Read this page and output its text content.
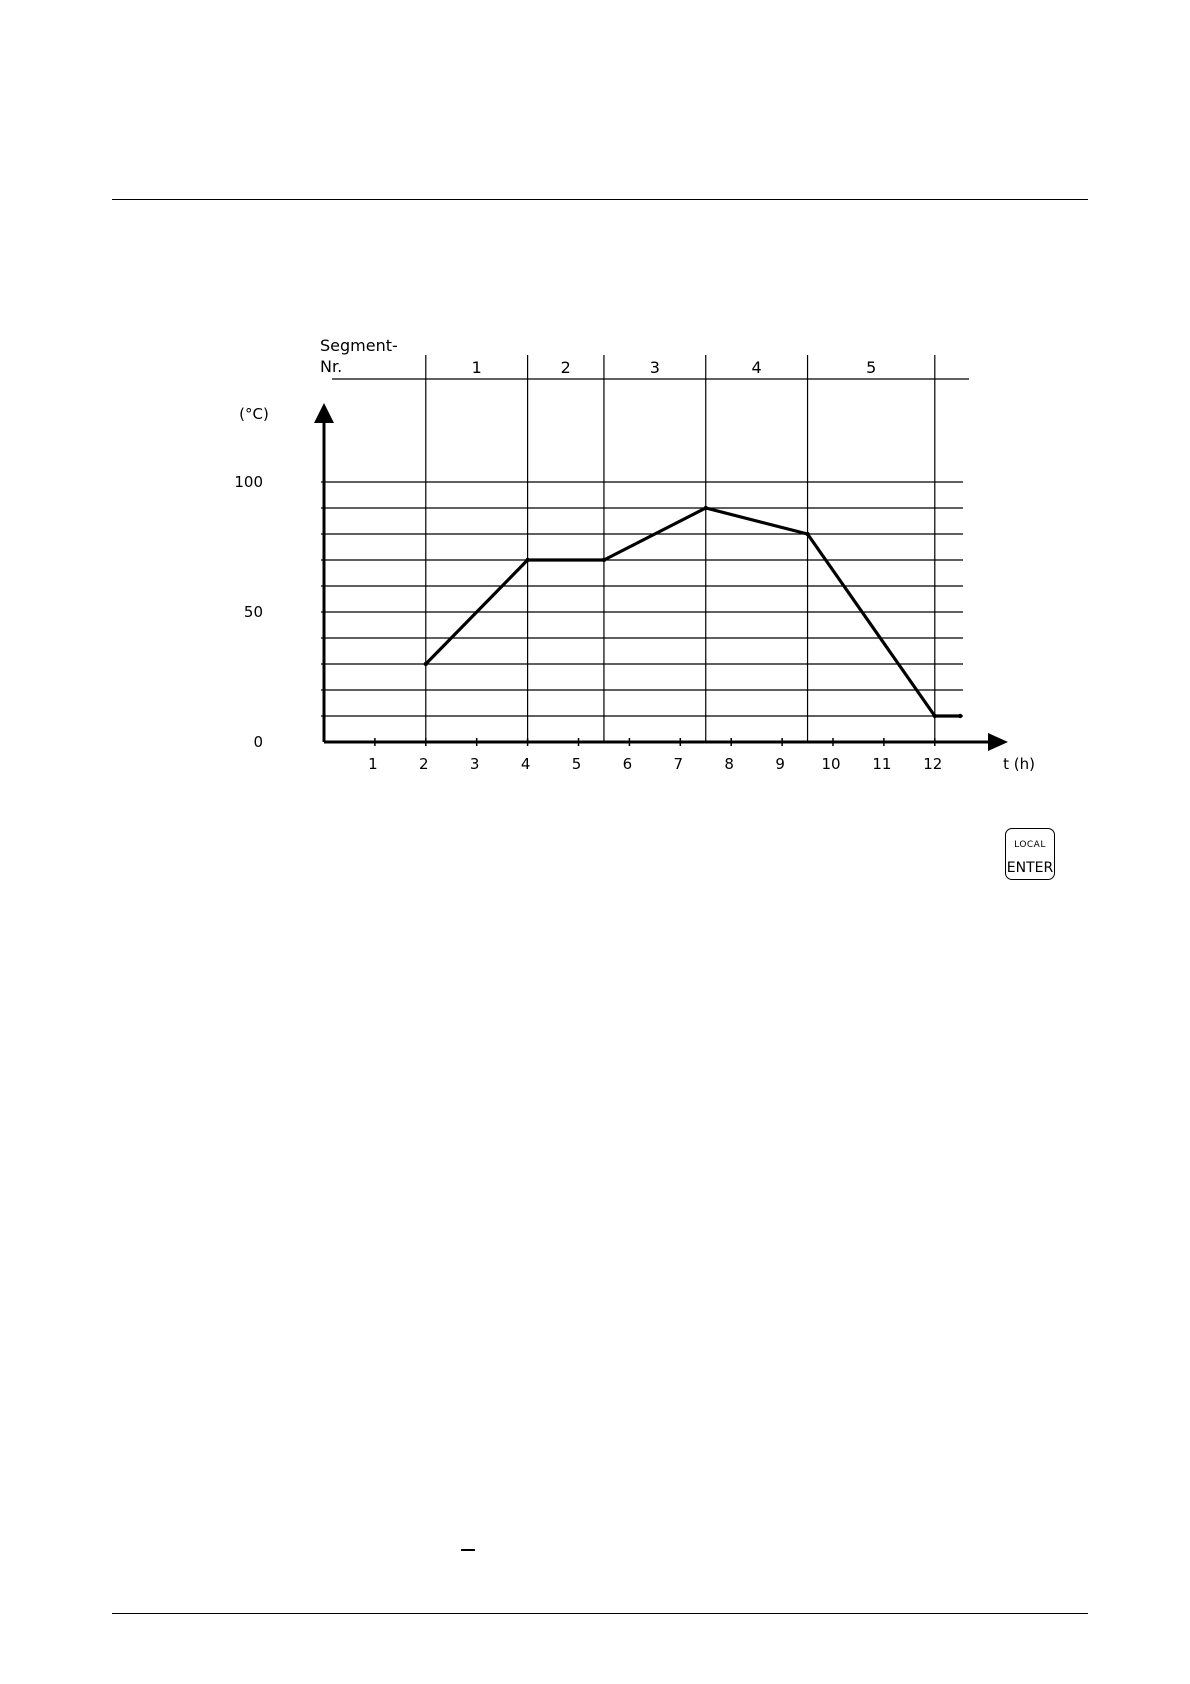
1	2	3	4	5
Segment-
Nr.
1	2	3	4	5	6	7	8	9 10 11 12	t (h)
0
50
100
(°C)
LOCAL
ENTER
